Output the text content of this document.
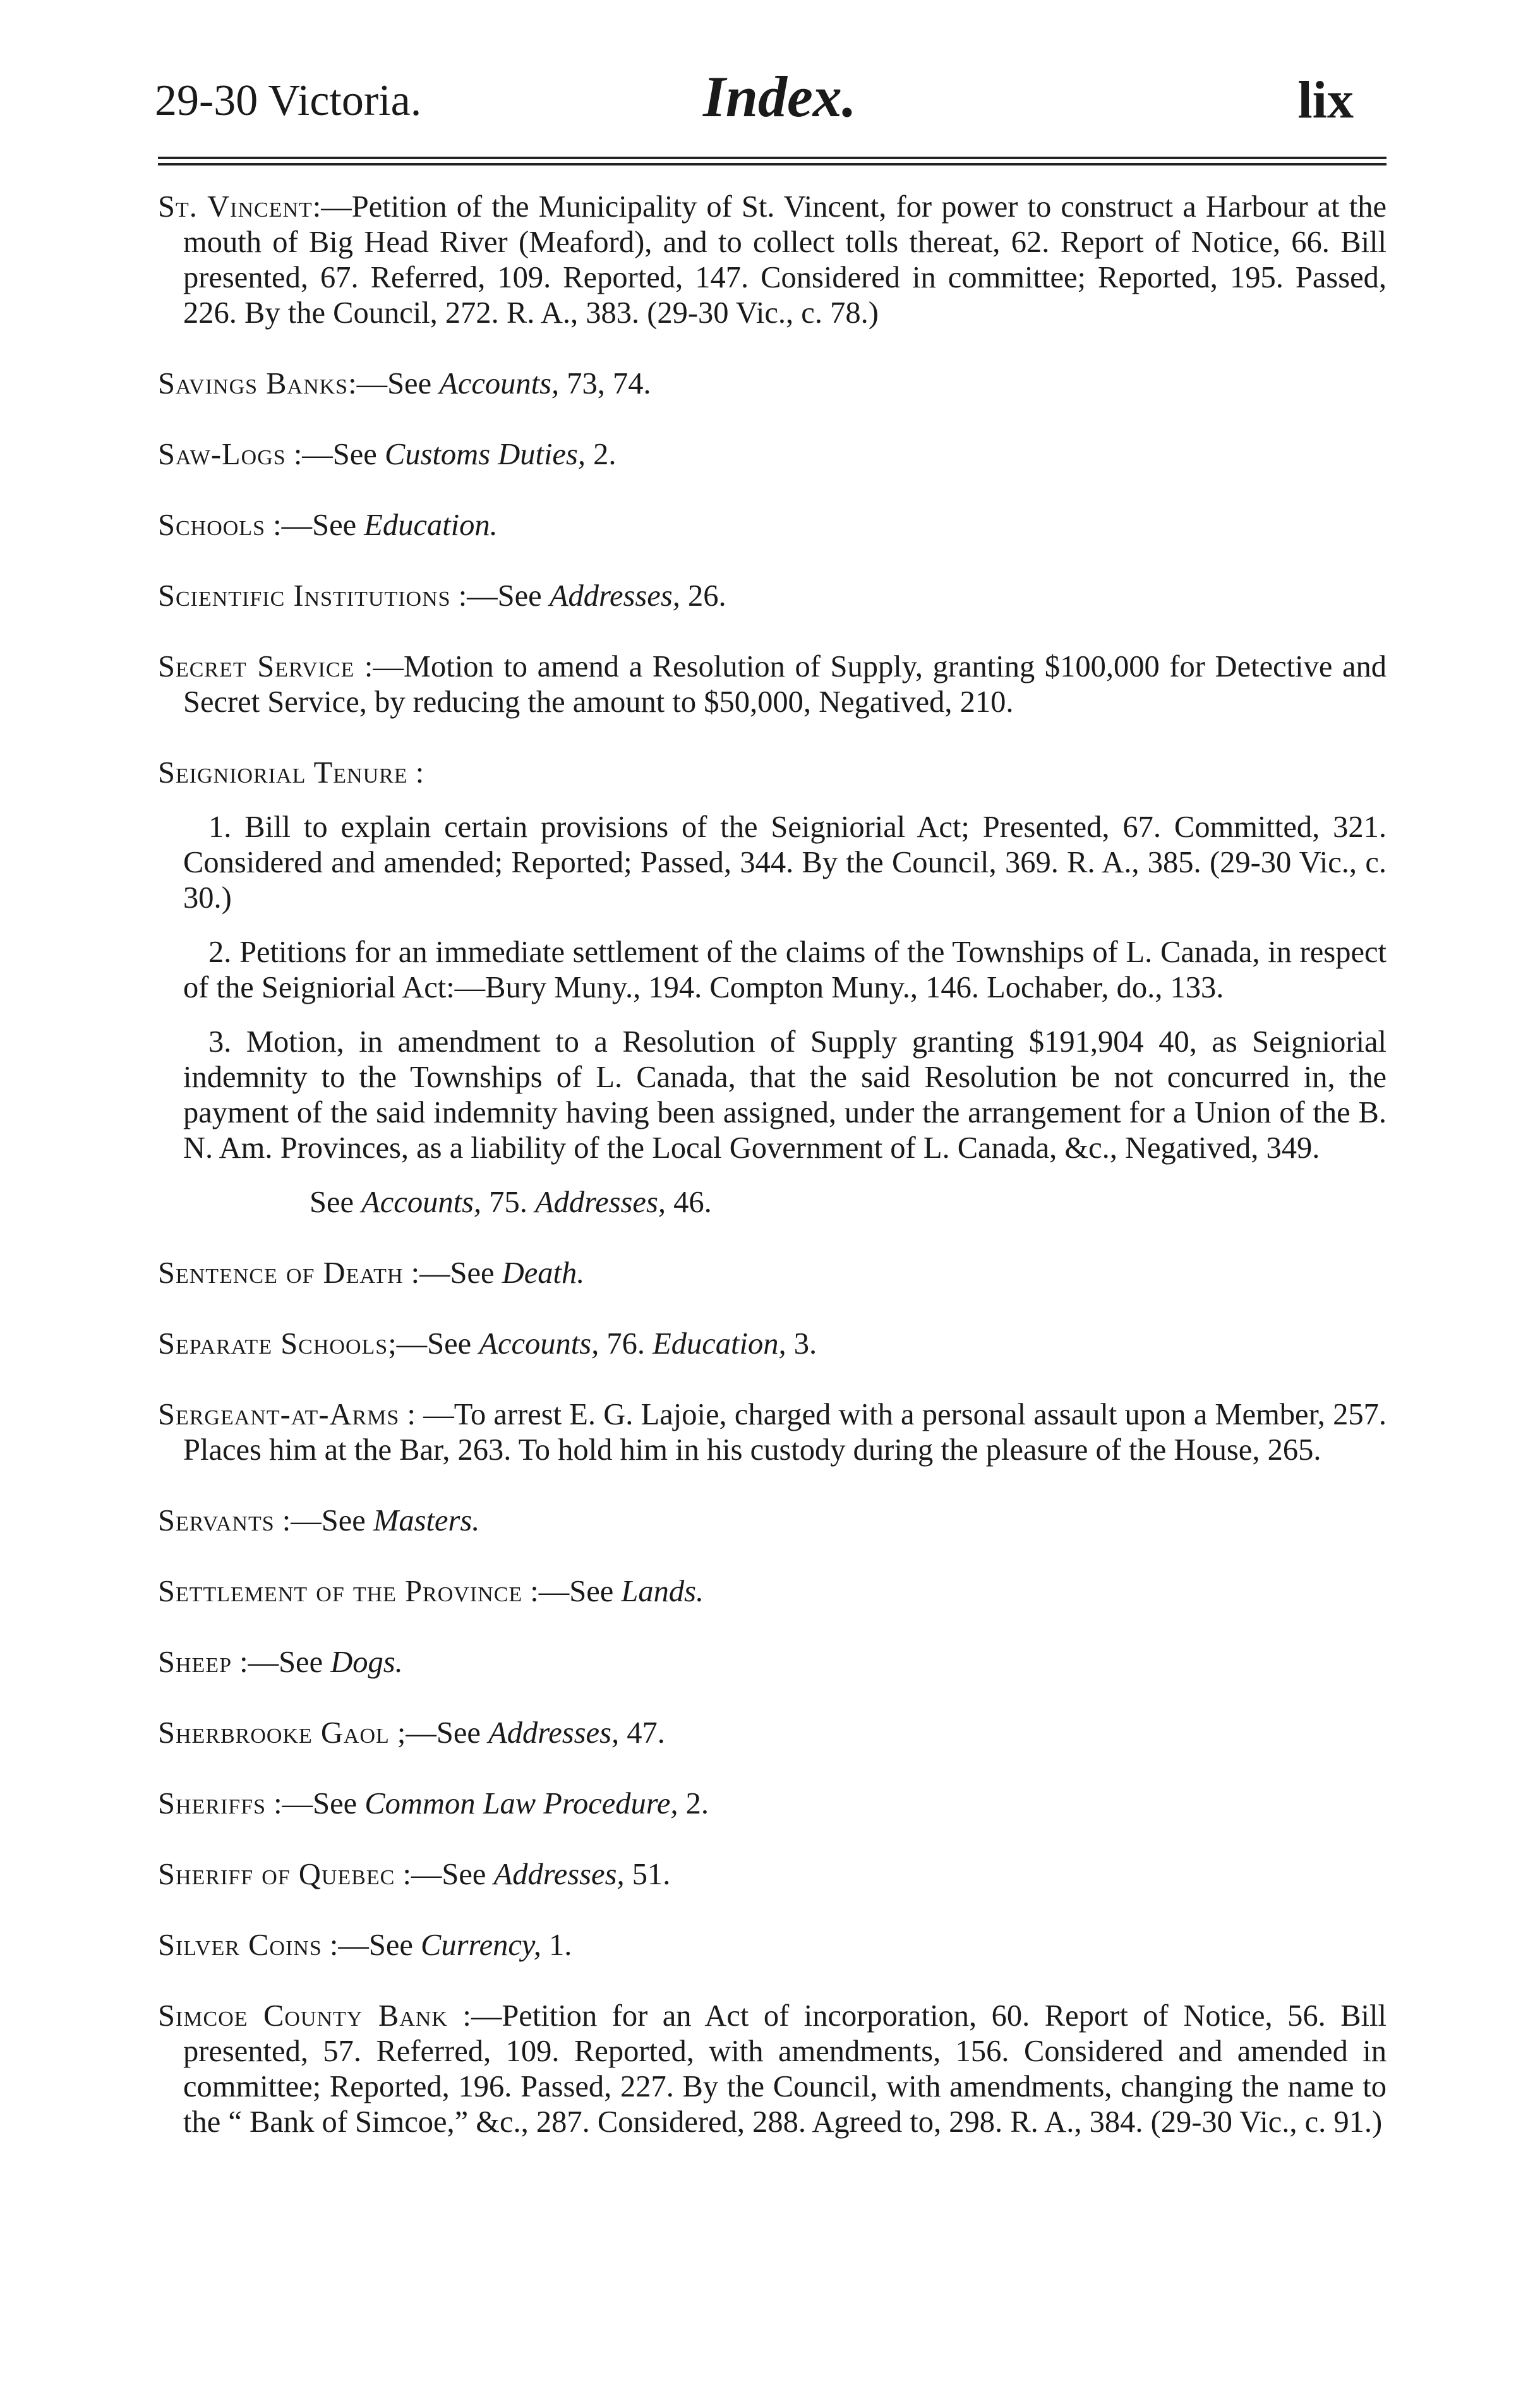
29-30 Victoria.	Index.	lix

St. Vincent:—Petition of the Municipality of St. Vincent, for power to construct a Harbour at the mouth of Big Head River (Meaford), and to collect tolls thereat, 62. Report of Notice, 66. Bill presented, 67. Referred, 109. Reported, 147. Considered in committee; Reported, 195. Passed, 226. By the Council, 272. R. A., 383. (29-30 Vic., c. 78.)

Savings Banks:—See Accounts, 73, 74.

Saw-Logs :—See Customs Duties, 2.

Schools :—See Education.

Scientific Institutions :—See Addresses, 26.

Secret Service :—Motion to amend a Resolution of Supply, granting $100,000 for Detective and Secret Service, by reducing the amount to $50,000, Negatived, 210.

Seigniorial Tenure :

1. Bill to explain certain provisions of the Seigniorial Act; Presented, 67. Committed, 321. Considered and amended; Reported; Passed, 344. By the Council, 369. R. A., 385. (29-30 Vic., c. 30.)

2. Petitions for an immediate settlement of the claims of the Townships of L. Canada, in respect of the Seigniorial Act:—Bury Muny., 194. Compton Muny., 146. Lochaber, do., 133.

3. Motion, in amendment to a Resolution of Supply granting $191,904 40, as Seigniorial indemnity to the Townships of L. Canada, that the said Resolution be not concurred in, the payment of the said indemnity having been assigned, under the arrangement for a Union of the B. N. Am. Provinces, as a liability of the Local Government of L. Canada, &c., Negatived, 349.

See Accounts, 75. Addresses, 46.

Sentence of Death :—See Death.

Separate Schools;—See Accounts, 76. Education, 3.

Sergeant-at-Arms : —To arrest E. G. Lajoie, charged with a personal assault upon a Member, 257. Places him at the Bar, 263. To hold him in his custody during the pleasure of the House, 265.

Servants :—See Masters.

Settlement of the Province :—See Lands.

Sheep :—See Dogs.

Sherbrooke Gaol ;—See Addresses, 47.

Sheriffs :—See Common Law Procedure, 2.

Sheriff of Quebec :—See Addresses, 51.

Silver Coins :—See Currency, 1.

Simcoe County Bank :—Petition for an Act of incorporation, 60. Report of Notice, 56. Bill presented, 57. Referred, 109. Reported, with amendments, 156. Considered and amended in committee; Reported, 196. Passed, 227. By the Council, with amendments, changing the name to the “ Bank of Simcoe,” &c., 287. Considered, 288. Agreed to, 298. R. A., 384. (29-30 Vic., c. 91.)
